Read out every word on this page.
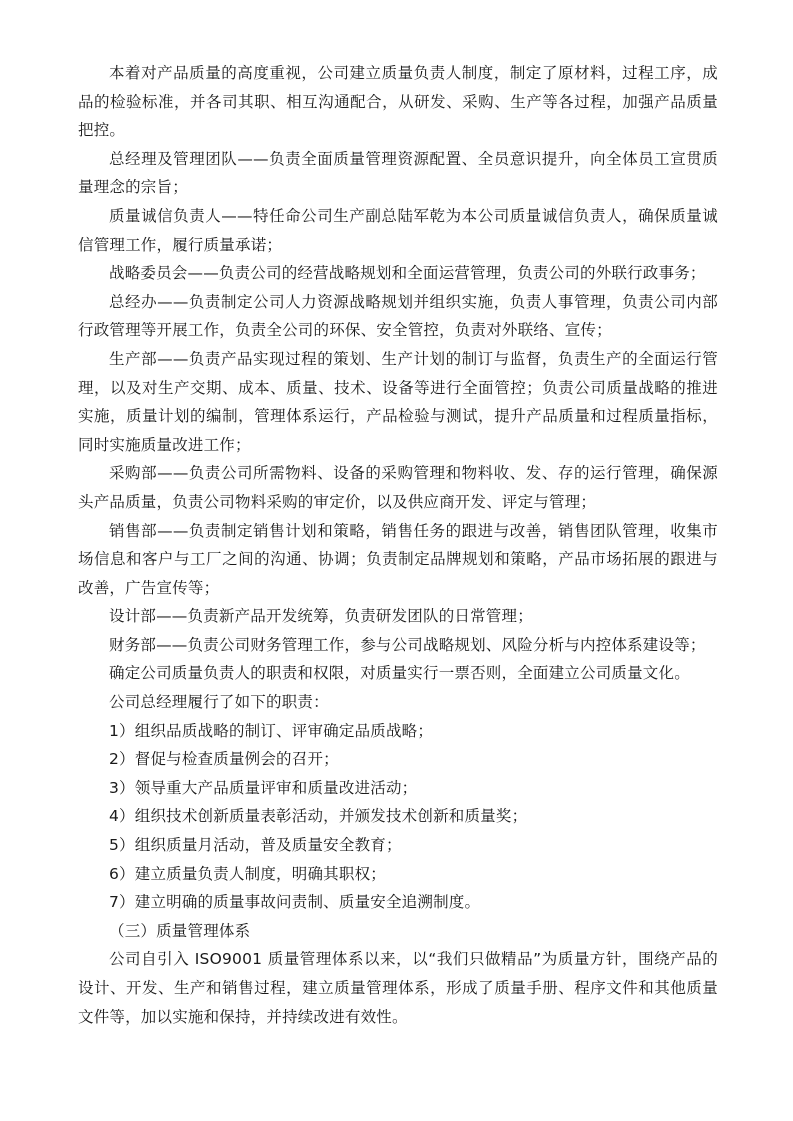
本着对产品质量的高度重视，公司建立质量负责人制度，制定了原材料，过程工序，成品的检验标准，并各司其职、相互沟通配合，从研发、采购、生产等各过程，加强产品质量把控。

总经理及管理团队——负责全面质量管理资源配置、全员意识提升，向全体员工宣贯质量理念的宗旨；

质量诚信负责人——特任命公司生产副总陆军乾为本公司质量诚信负责人，确保质量诚信管理工作，履行质量承诺；

战略委员会——负责公司的经营战略规划和全面运营管理，负责公司的外联行政事务；

总经办——负责制定公司人力资源战略规划并组织实施，负责人事管理，负责公司内部行政管理等开展工作，负责全公司的环保、安全管控，负责对外联络、宣传；

生产部——负责产品实现过程的策划、生产计划的制订与监督，负责生产的全面运行管理，以及对生产交期、成本、质量、技术、设备等进行全面管控；负责公司质量战略的推进实施，质量计划的编制，管理体系运行，产品检验与测试，提升产品质量和过程质量指标，同时实施质量改进工作；

采购部——负责公司所需物料、设备的采购管理和物料收、发、存的运行管理，确保源头产品质量，负责公司物料采购的审定价，以及供应商开发、评定与管理；

销售部——负责制定销售计划和策略，销售任务的跟进与改善，销售团队管理，收集市场信息和客户与工厂之间的沟通、协调；负责制定品牌规划和策略，产品市场拓展的跟进与改善，广告宣传等；

设计部——负责新产品开发统筹，负责研发团队的日常管理；

财务部——负责公司财务管理工作，参与公司战略规划、风险分析与内控体系建设等；

确定公司质量负责人的职责和权限，对质量实行一票否则，全面建立公司质量文化。

公司总经理履行了如下的职责：

1）组织品质战略的制订、评审确定品质战略；

2）督促与检查质量例会的召开；

3）领导重大产品质量评审和质量改进活动；

4）组织技术创新质量表彰活动，并颁发技术创新和质量奖；

5）组织质量月活动，普及质量安全教育；

6）建立质量负责人制度，明确其职权；

7）建立明确的质量事故问责制、质量安全追溯制度。

（三）质量管理体系

公司自引入 ISO9001 质量管理体系以来，以“我们只做精品”为质量方针，围绕产品的设计、开发、生产和销售过程，建立质量管理体系，形成了质量手册、程序文件和其他质量文件等，加以实施和保持，并持续改进有效性。
